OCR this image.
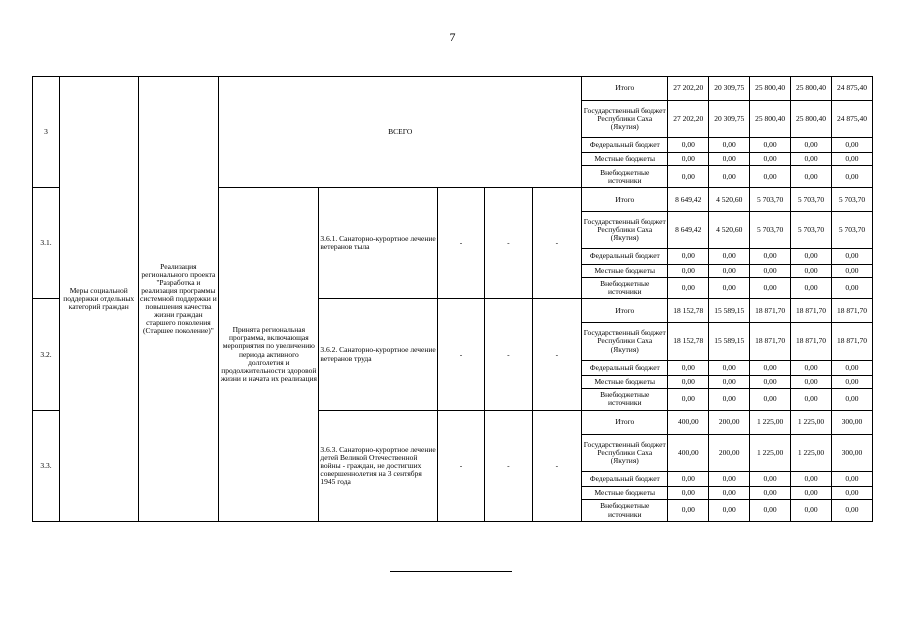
7
3	Меры социальной поддержки отдельных категорий граждан	Реализация регионального проекта "Разработка и реализация программы системной поддержки и повышения качества жизни граждан старшего поколения (Старшее поколение)"	ВСЕГО					Итого	27 202,20	20 309,75	25 800,40	25 800,40	24 875,40
								Государственный бюджет Республики Саха (Якутия)	27 202,20	20 309,75	25 800,40	25 800,40	24 875,40
								Федеральный бюджет	0,00	0,00	0,00	0,00	0,00
								Местные бюджеты	0,00	0,00	0,00	0,00	0,00
								Внебюджетные источники	0,00	0,00	0,00	0,00	0,00
3.1.			Принята региональная программа, включающая мероприятия по увеличению периода активного долголетия и продолжительности здоровой жизни и начата их реализация	3.6.1. Санаторно-курортное лечение ветеранов тыла	-	-	-	Итого	8 649,42	4 520,60	5 703,70	5 703,70	5 703,70
								Государственный бюджет Республики Саха (Якутия)	8 649,42	4 520,60	5 703,70	5 703,70	5 703,70
								Федеральный бюджет	0,00	0,00	0,00	0,00	0,00
								Местные бюджеты	0,00	0,00	0,00	0,00	0,00
								Внебюджетные источники	0,00	0,00	0,00	0,00	0,00
3.2.				3.6.2. Санаторно-курортное лечение ветеранов труда	-	-	-	Итого	18 152,78	15 589,15	18 871,70	18 871,70	18 871,70
								Государственный бюджет Республики Саха (Якутия)	18 152,78	15 589,15	18 871,70	18 871,70	18 871,70
								Федеральный бюджет	0,00	0,00	0,00	0,00	0,00
								Местные бюджеты	0,00	0,00	0,00	0,00	0,00
								Внебюджетные источники	0,00	0,00	0,00	0,00	0,00
3.3.				3.6.3. Санаторно-курортное лечение детей Великой Отечественной войны - граждан, не достигших совершеннолетия на 3 сентября 1945 года	-	-	-	Итого	400,00	200,00	1 225,00	1 225,00	300,00
								Государственный бюджет Республики Саха (Якутия)	400,00	200,00	1 225,00	1 225,00	300,00
								Федеральный бюджет	0,00	0,00	0,00	0,00	0,00
								Местные бюджеты	0,00	0,00	0,00	0,00	0,00
								Внебюджетные источники	0,00	0,00	0,00	0,00	0,00
